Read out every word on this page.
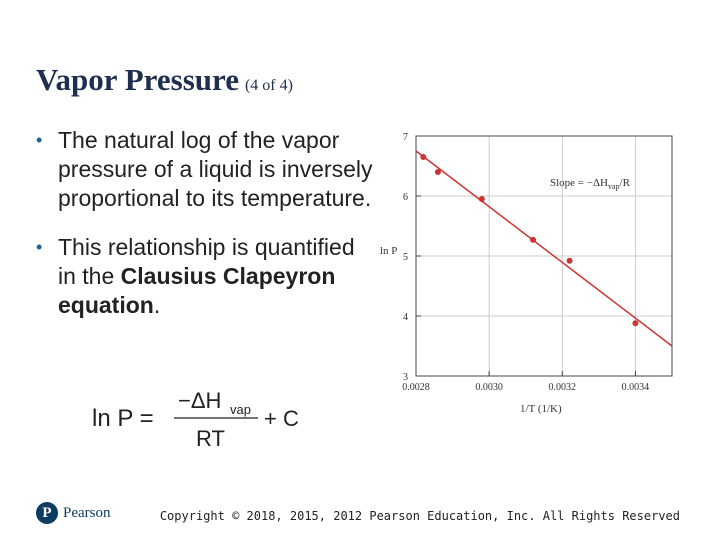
Vapor Pressure (4 of 4)
• The natural log of the vapor pressure of a liquid is inversely proportional to its temperature.
• This relationship is quantified in the Clausius Clapeyron equation.
ln P =
−ΔH vap
RT
+ C
0.0028	0.0030	0.0032	0.0034
3
4
5
6
7
Slope = $-\Delta H_{vap}/R$
ln P
1/T (1/K)
P Pearson	Copyright © 2018, 2015, 2012 Pearson Education, Inc. All Rights Reserved
